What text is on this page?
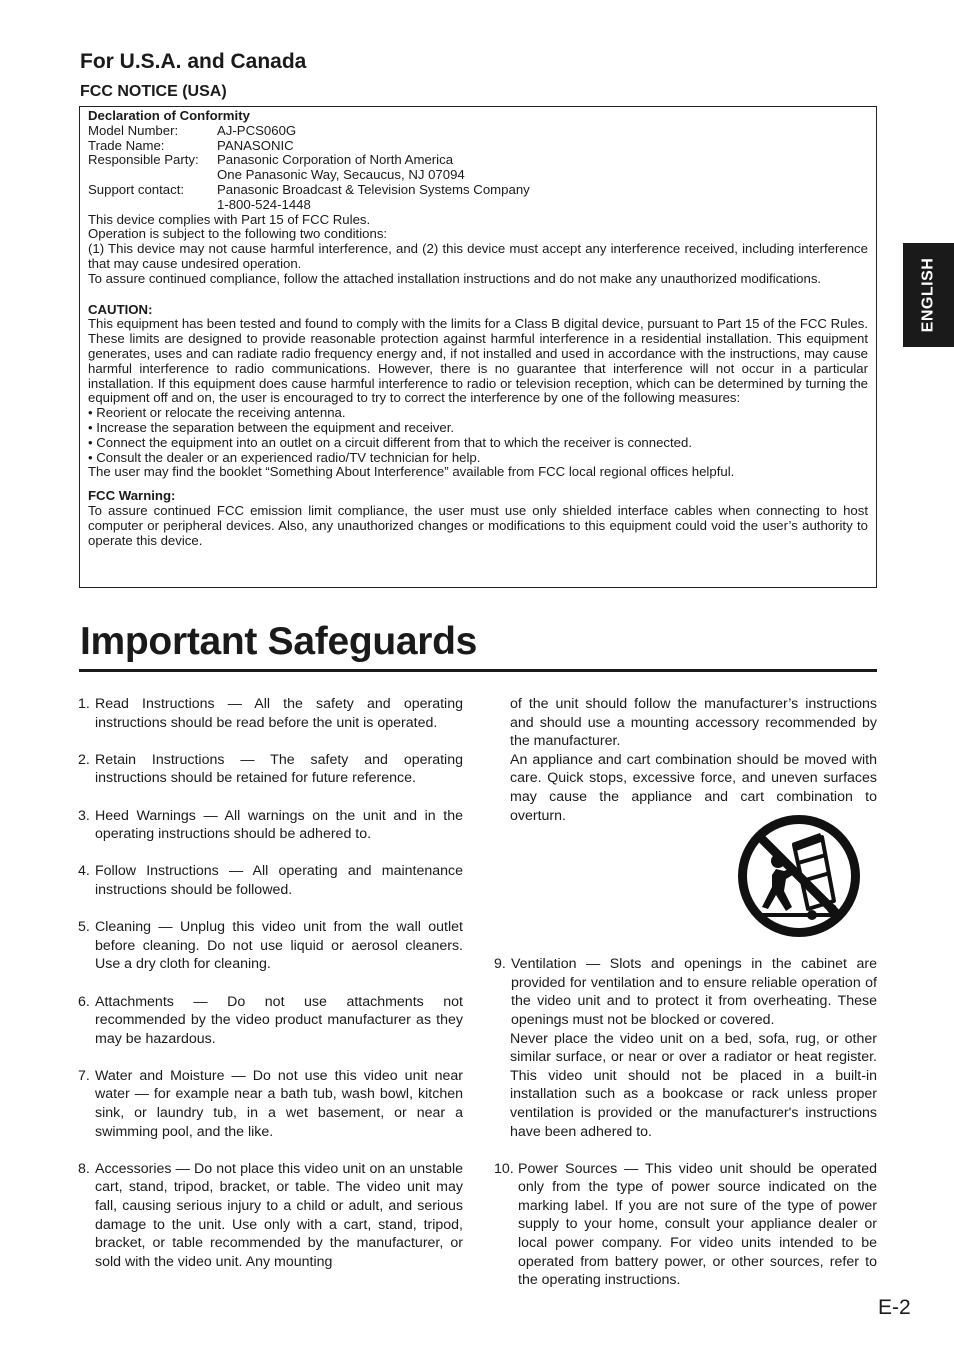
For U.S.A. and Canada
FCC NOTICE (USA)
Declaration of Conformity
Model Number:	AJ-PCS060G
Trade Name:	PANASONIC
Responsible Party:	Panasonic Corporation of North America
One Panasonic Way, Secaucus, NJ 07094
Support contact:	Panasonic Broadcast & Television Systems Company
1-800-524-1448
This device complies with Part 15 of FCC Rules.
Operation is subject to the following two conditions:
(1) This device may not cause harmful interference, and (2) this device must accept any interference received, including interference that may cause undesired operation.
To assure continued compliance, follow the attached installation instructions and do not make any unauthorized modifications.
CAUTION:
This equipment has been tested and found to comply with the limits for a Class B digital device, pursuant to Part 15 of the FCC Rules. These limits are designed to provide reasonable protection against harmful interference in a residential installation. This equipment generates, uses and can radiate radio frequency energy and, if not installed and used in accordance with the instructions, may cause harmful interference to radio communications. However, there is no guarantee that interference will not occur in a particular installation. If this equipment does cause harmful interference to radio or television reception, which can be determined by turning the equipment off and on, the user is encouraged to try to correct the interference by one of the following measures:
• Reorient or relocate the receiving antenna.
• Increase the separation between the equipment and receiver.
• Connect the equipment into an outlet on a circuit different from that to which the receiver is connected.
• Consult the dealer or an experienced radio/TV technician for help.
The user may find the booklet “Something About Interference” available from FCC local regional offices helpful.
FCC Warning:
To assure continued FCC emission limit compliance, the user must use only shielded interface cables when connecting to host computer or peripheral devices. Also, any unauthorized changes or modifications to this equipment could void the user’s authority to operate this device.
ENGLISH
Important Safeguards
1. Read Instructions — All the safety and operating instructions should be read before the unit is operated.
2. Retain Instructions — The safety and operating instructions should be retained for future reference.
3. Heed Warnings — All warnings on the unit and in the operating instructions should be adhered to.
4. Follow Instructions — All operating and maintenance instructions should be followed.
5. Cleaning — Unplug this video unit from the wall outlet before cleaning. Do not use liquid or aerosol cleaners. Use a dry cloth for cleaning.
6. Attachments — Do not use attachments not recommended by the video product manufacturer as they may be hazardous.
7. Water and Moisture — Do not use this video unit near water — for example near a bath tub, wash bowl, kitchen sink, or laundry tub, in a wet basement, or near a swimming pool, and the like.
8. Accessories — Do not place this video unit on an unstable cart, stand, tripod, bracket, or table. The video unit may fall, causing serious injury to a child or adult, and serious damage to the unit. Use only with a cart, stand, tripod, bracket, or table recommended by the manufacturer, or sold with the video unit. Any mounting
of the unit should follow the manufacturer’s instructions and should use a mounting accessory recommended by the manufacturer.
An appliance and cart combination should be moved with care. Quick stops, excessive force, and uneven surfaces may cause the appliance and cart combination to overturn.
9. Ventilation — Slots and openings in the cabinet are provided for ventilation and to ensure reliable operation of the video unit and to protect it from overheating. These openings must not be blocked or covered.
Never place the video unit on a bed, sofa, rug, or other similar surface, or near or over a radiator or heat register. This video unit should not be placed in a built-in installation such as a bookcase or rack unless proper ventilation is provided or the manufacturer's instructions have been adhered to.
10. Power Sources — This video unit should be operated only from the type of power source indicated on the marking label. If you are not sure of the type of power supply to your home, consult your appliance dealer or local power company. For video units intended to be operated from battery power, or other sources, refer to the operating instructions.
E-2
